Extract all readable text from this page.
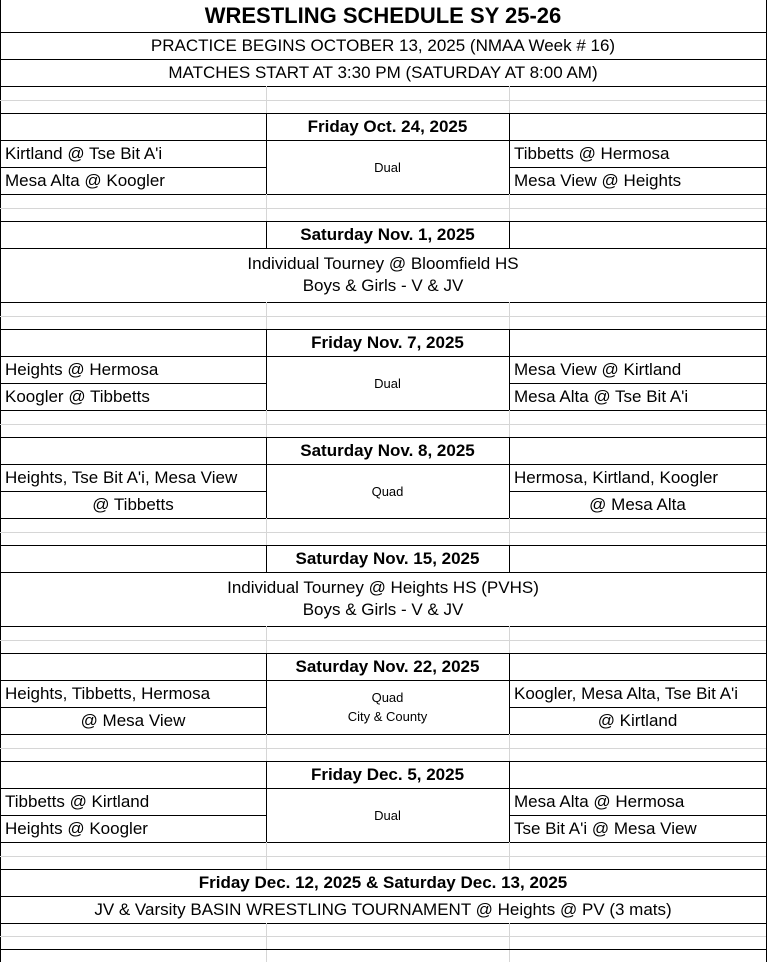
WRESTLING SCHEDULE SY 25-26
PRACTICE BEGINS OCTOBER 13, 2025 (NMAA Week # 16)
MATCHES START AT 3:30 PM (SATURDAY AT 8:00 AM)
Friday Oct. 24, 2025
Kirtland @ Tse Bit A'i
Mesa Alta @ Koogler
Dual
Tibbetts @ Hermosa
Mesa View @ Heights
Saturday Nov. 1, 2025
Individual Tourney @ Bloomfield HS
Boys & Girls - V & JV
Friday Nov. 7, 2025
Heights @ Hermosa
Koogler @ Tibbetts
Dual
Mesa View @ Kirtland
Mesa Alta @ Tse Bit A'i
Saturday Nov. 8, 2025
Heights, Tse Bit A'i, Mesa View
@ Tibbetts
Quad
Hermosa, Kirtland, Koogler
@ Mesa Alta
Saturday Nov. 15, 2025
Individual Tourney @ Heights HS (PVHS)
Boys & Girls - V & JV
Saturday Nov. 22, 2025
Heights, Tibbetts, Hermosa
@ Mesa View
Quad
City & County
Koogler, Mesa Alta, Tse Bit A'i
@ Kirtland
Friday Dec. 5, 2025
Tibbetts @ Kirtland
Heights @ Koogler
Dual
Mesa Alta @ Hermosa
Tse Bit A'i @ Mesa View
Friday Dec. 12, 2025 & Saturday Dec. 13, 2025
JV & Varsity BASIN WRESTLING TOURNAMENT @ Heights @ PV (3 mats)
